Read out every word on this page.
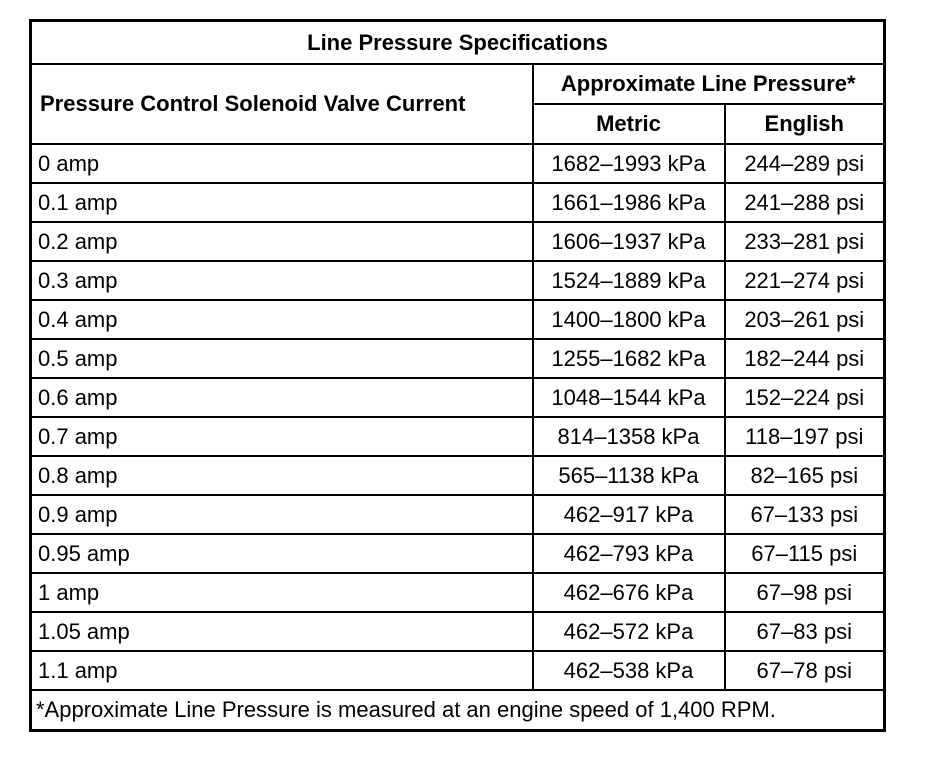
Line Pressure Specifications		
Pressure Control Solenoid Valve Current	Approximate Line Pressure*	
	Metric	English
0 amp	1682–1993 kPa	244–289 psi
0.1 amp	1661–1986 kPa	241–288 psi
0.2 amp	1606–1937 kPa	233–281 psi
0.3 amp	1524–1889 kPa	221–274 psi
0.4 amp	1400–1800 kPa	203–261 psi
0.5 amp	1255–1682 kPa	182–244 psi
0.6 amp	1048–1544 kPa	152–224 psi
0.7 amp	814–1358 kPa	118–197 psi
0.8 amp	565–1138 kPa	82–165 psi
0.9 amp	462–917 kPa	67–133 psi
0.95 amp	462–793 kPa	67–115 psi
1 amp	462–676 kPa	67–98 psi
1.05 amp	462–572 kPa	67–83 psi
1.1 amp	462–538 kPa	67–78 psi
*Approximate Line Pressure is measured at an engine speed of 1,400 RPM.		
